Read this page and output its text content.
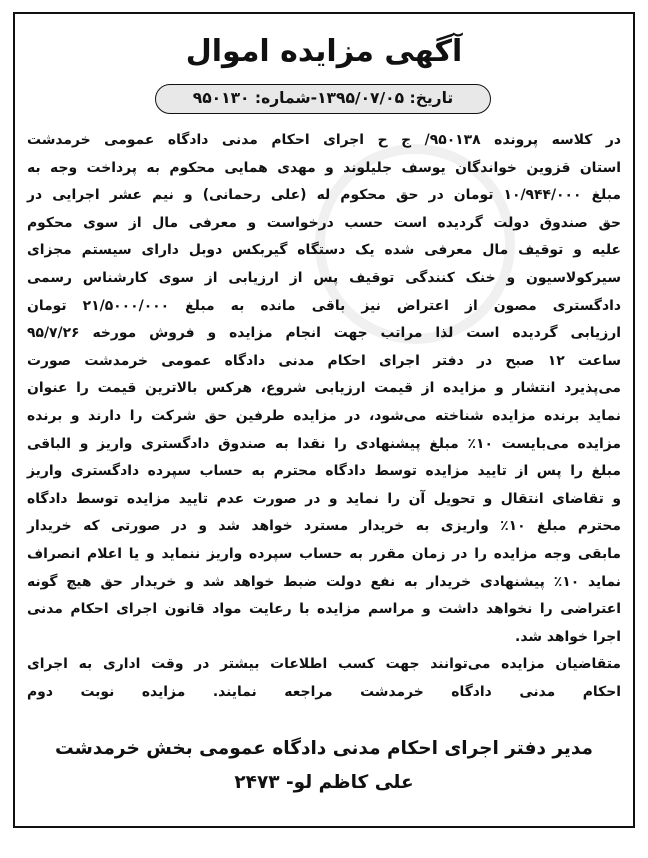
آگهی مزایده اموال
تاریخ: ۱۳۹۵/۰۷/۰۵-شماره: ۹۵۰۱۳۰
در کلاسه پرونده ۹۵۰۱۳۸/ ج ح اجرای احکام مدنی دادگاه عمومی خرمدشت
استان قزوین خواندگان یوسف جلیلوند و مهدی همایی محکوم به پرداخت وجه به
مبلغ ۱۰/۹۴۴/۰۰۰ تومان در حق محکوم له (علی رحمانی) و نیم عشر اجرایی در
حق صندوق دولت گردیده است حسب درخواست و معرفی مال از سوی محکوم
علیه و توقیف مال معرفی شده یک دستگاه گیربکس دوبل دارای سیستم مجزای
سیرکولاسیون و خنک کنندگی توقیف پس از ارزیابی از سوی کارشناس رسمی
دادگستری مصون از اعتراض نیز باقی مانده به مبلغ ۲۱/۵۰۰۰/۰۰۰ تومان
ارزیابی گردیده است لذا مراتب جهت انجام مزایده و فروش مورخه ۹۵/۷/۲۶
ساعت ۱۲ صبح در دفتر اجرای احکام مدنی دادگاه عمومی خرمدشت صورت
می‌پذیرد انتشار و مزایده از قیمت ارزیابی شروع، هرکس بالاترین قیمت را عنوان
نماید برنده مزایده شناخته می‌شود، در مزایده طرفین حق شرکت را دارند و برنده
مزایده می‌بایست ۱۰٪ مبلغ پیشنهادی را نقدا به صندوق دادگستری واریز و الباقی
مبلغ را پس از تایید مزایده توسط دادگاه محترم به حساب سپرده دادگستری واریز
و تقاضای انتقال و تحویل آن را نماید و در صورت عدم تایید مزایده توسط دادگاه
محترم مبلغ ۱۰٪ واریزی به خریدار مسترد خواهد شد و در صورتی که خریدار
مابقی وجه مزایده را در زمان مقرر به حساب سپرده واریز ننماید و یا اعلام انصراف
نماید ۱۰٪ پیشنهادی خریدار به نفع دولت ضبط خواهد شد و خریدار حق هیچ گونه
اعتراضی را نخواهد داشت و مراسم مزایده با رعایت مواد قانون اجرای احکام مدنی
اجرا خواهد شد.
متقاضیان مزایده می‌توانند جهت کسب اطلاعات بیشتر در وقت اداری به اجرای
احکام مدنی دادگاه خرمدشت مراجعه نمایند. مزایده نوبت دوم
مدیر دفتر اجرای احکام مدنی دادگاه عمومی بخش خرمدشت
علی کاظم لو- ۲۴۷۳
